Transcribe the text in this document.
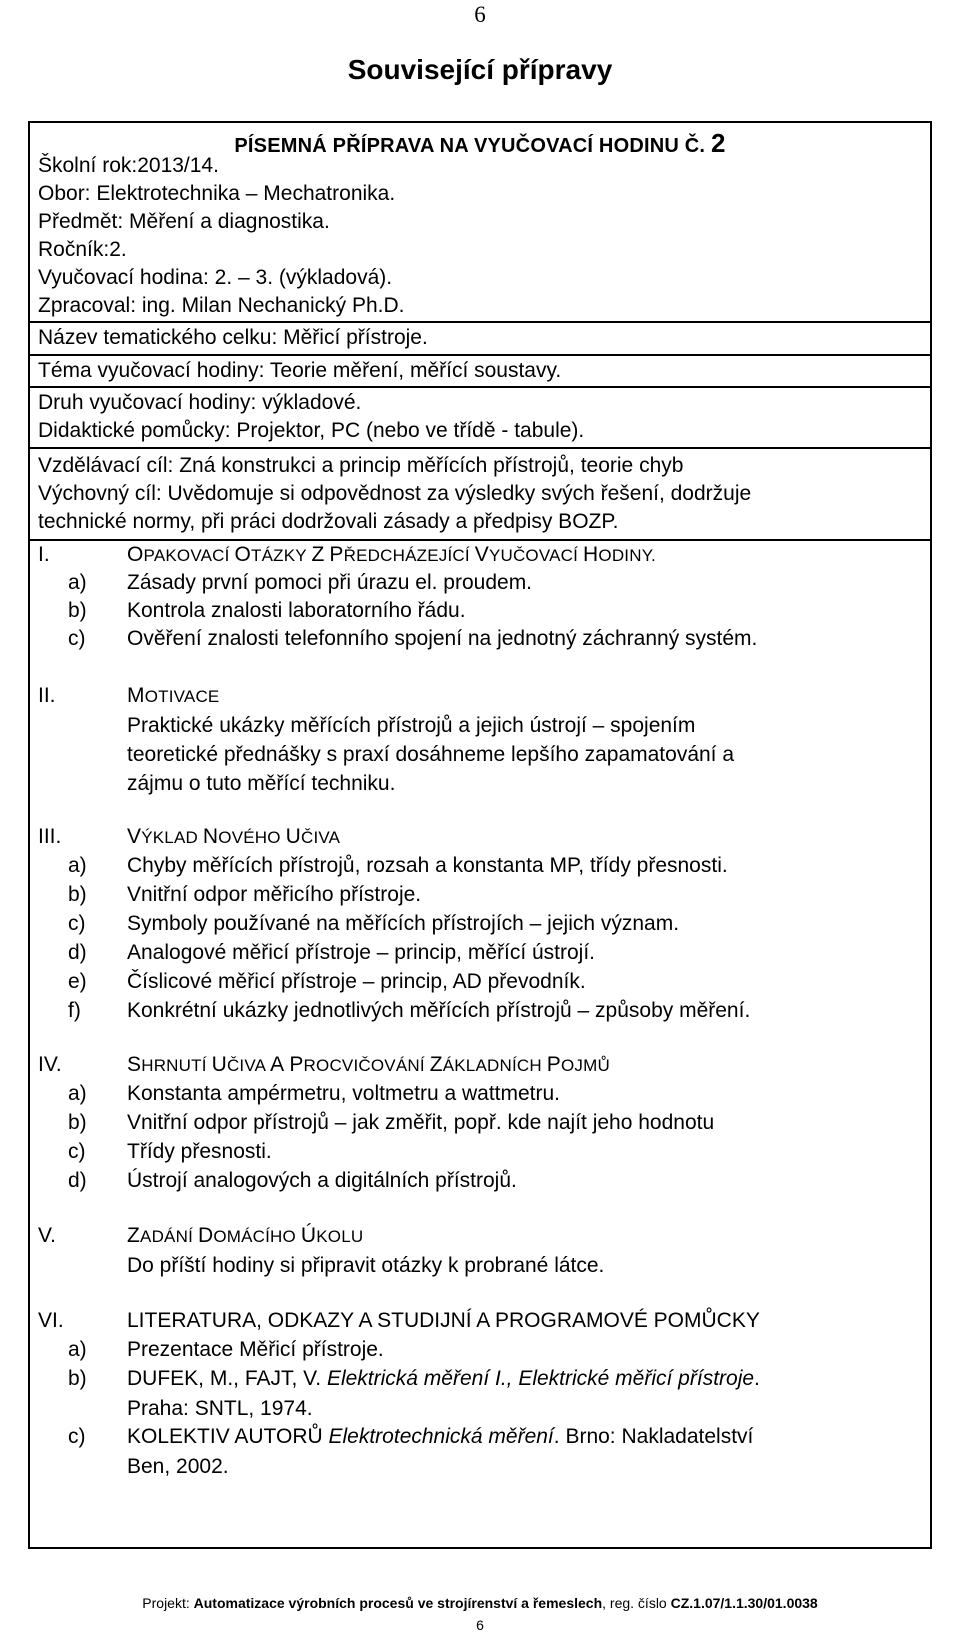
6
Související přípravy
PÍSEMNÁ PŘÍPRAVA NA VYUČOVACÍ HODINU Č. 2
Školní rok:2013/14.
Obor: Elektrotechnika – Mechatronika.
Předmět: Měření a diagnostika.
Ročník:2.
Vyučovací hodina: 2. – 3. (výkladová).
Zpracoval: ing. Milan Nechanický Ph.D.
Název tematického celku: Měřicí přístroje.
Téma vyučovací hodiny: Teorie měření, měřící soustavy.
Druh vyučovací hodiny: výkladové.
Didaktické pomůcky: Projektor, PC (nebo ve třídě - tabule).
Vzdělávací cíl: Zná konstrukci a princip měřících přístrojů, teorie chyb
Výchovný cíl: Uvědomuje si odpovědnost za výsledky svých řešení, dodržuje
technické normy, při práci dodržovali zásady a předpisy BOZP.
I.	OPAKOVACÍ OTÁZKY Z PŘEDCHÁZEJÍCÍ VYUČOVACÍ HODINY.
a) Zásady první pomoci při úrazu el. proudem.
b) Kontrola znalosti laboratorního řádu.
c) Ověření znalosti telefonního spojení na jednotný záchranný systém.
II.	MOTIVACE
Praktické ukázky měřících přístrojů a jejich ústrojí – spojením
teoretické přednášky s praxí dosáhneme lepšího zapamatování a
zájmu o tuto měřící techniku.
III.	VÝKLAD NOVÉHO UČIVA
a) Chyby měřících přístrojů, rozsah a konstanta MP, třídy přesnosti.
b) Vnitřní odpor měřicího přístroje.
c) Symboly používané na měřících přístrojích – jejich význam.
d) Analogové měřicí přístroje – princip, měřící ústrojí.
e) Číslicové měřicí přístroje – princip, AD převodník.
f) Konkrétní ukázky jednotlivých měřících přístrojů – způsoby měření.
IV.	SHRNUTÍ UČIVA A PROCVIČOVÁNÍ ZÁKLADNÍCH POJMŮ
a) Konstanta ampérmetru, voltmetru a wattmetru.
b) Vnitřní odpor přístrojů – jak změřit, popř. kde najít jeho hodnotu
c) Třídy přesnosti.
d) Ústrojí analogových a digitálních přístrojů.
V.	ZADÁNÍ DOMÁCÍHO ÚKOLU
Do příští hodiny si připravit otázky k probrané látce.
VI.	LITERATURA, ODKAZY A STUDIJNÍ A PROGRAMOVÉ POMŮCKY
a) Prezentace Měřicí přístroje.
b) DUFEK, M., FAJT, V. Elektrická měření I., Elektrické měřicí přístroje.
Praha: SNTL, 1974.
c) KOLEKTIV AUTORŮ Elektrotechnická měření. Brno: Nakladatelství
Ben, 2002.
Projekt: Automatizace výrobních procesů ve strojírenství a řemeslech, reg. číslo CZ.1.07/1.1.30/01.0038
6
